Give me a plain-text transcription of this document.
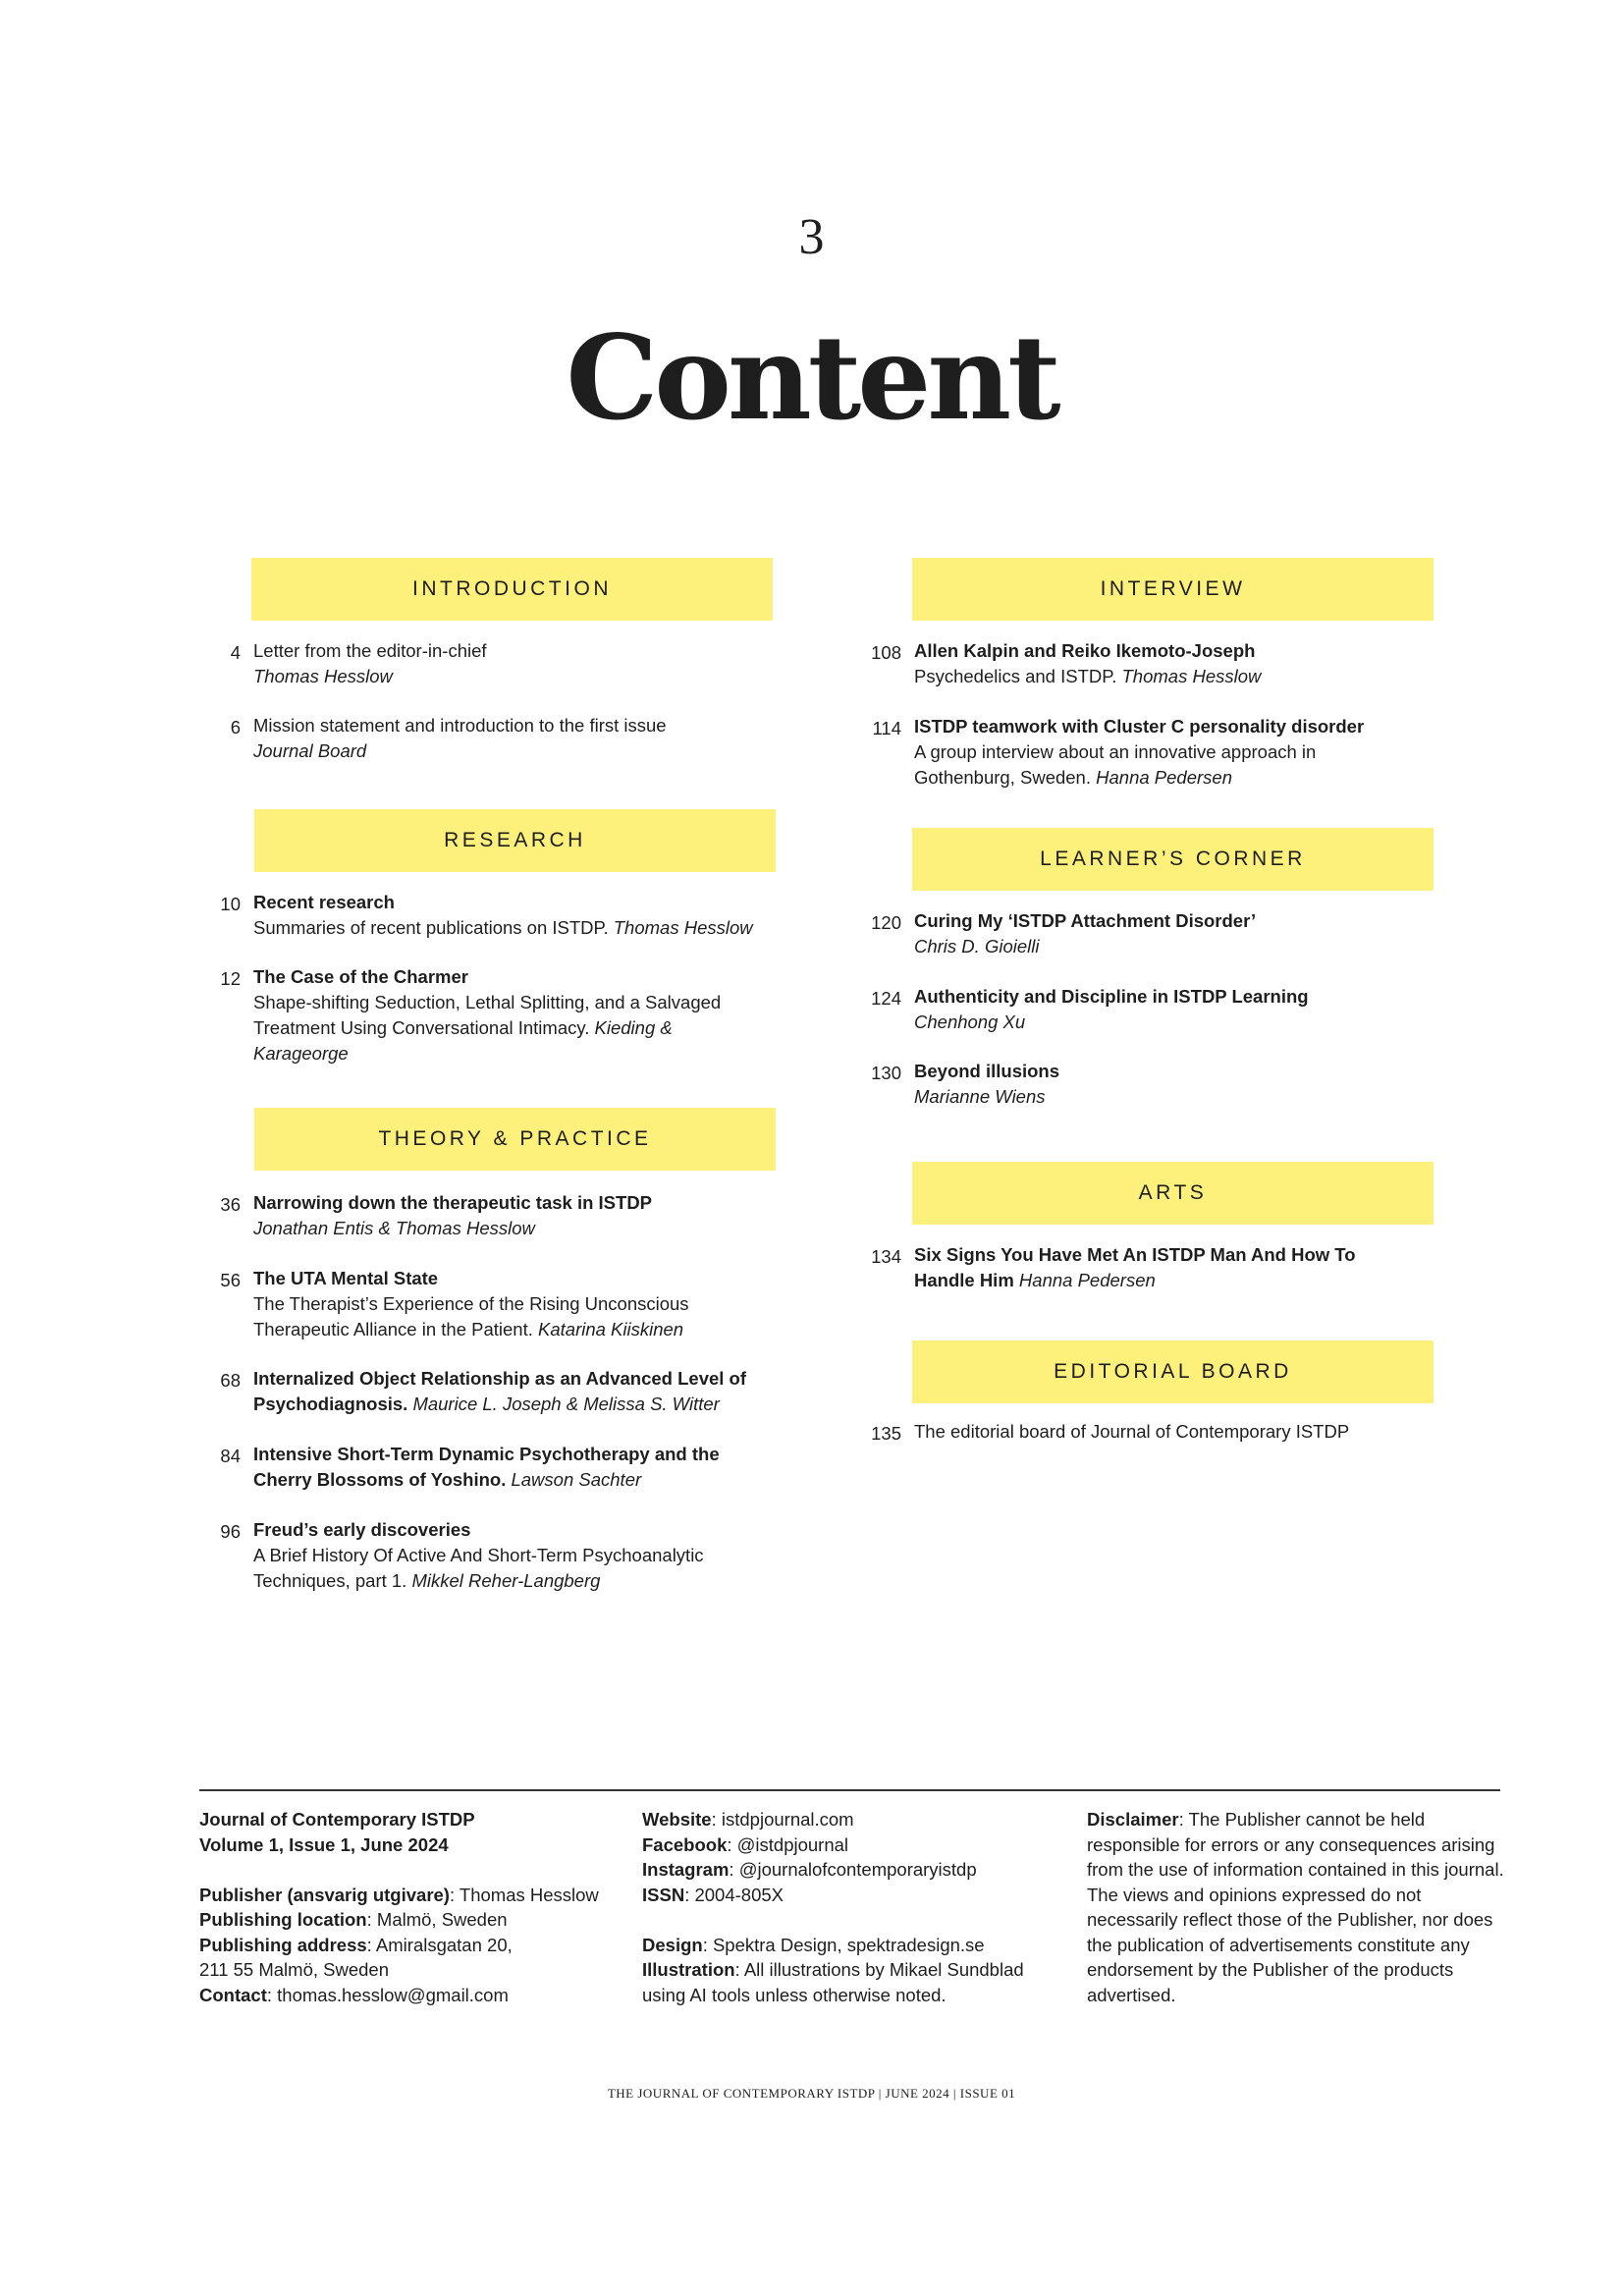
3
Content
INTRODUCTION
4 Letter from the editor-in-chief
Thomas Hesslow
6 Mission statement and introduction to the first issue
Journal Board
RESEARCH
10 Recent research
Summaries of recent publications on ISTDP. Thomas Hesslow
12 The Case of the Charmer
Shape-shifting Seduction, Lethal Splitting, and a Salvaged Treatment Using Conversational Intimacy. Kieding & Karageorge
THEORY & PRACTICE
36 Narrowing down the therapeutic task in ISTDP
Jonathan Entis & Thomas Hesslow
56 The UTA Mental State
The Therapist’s Experience of the Rising Unconscious Therapeutic Alliance in the Patient. Katarina Kiiskinen
68 Internalized Object Relationship as an Advanced Level of Psychodiagnosis. Maurice L. Joseph & Melissa S. Witter
84 Intensive Short-Term Dynamic Psychotherapy and the Cherry Blossoms of Yoshino. Lawson Sachter
96 Freud’s early discoveries
A Brief History Of Active And Short-Term Psychoanalytic Techniques, part 1. Mikkel Reher-Langberg
INTERVIEW
108 Allen Kalpin and Reiko Ikemoto-Joseph
Psychedelics and ISTDP. Thomas Hesslow
114 ISTDP teamwork with Cluster C personality disorder
A group interview about an innovative approach in Gothenburg, Sweden. Hanna Pedersen
LEARNER’S CORNER
120 Curing My ‘ISTDP Attachment Disorder’
Chris D. Gioielli
124 Authenticity and Discipline in ISTDP Learning
Chenhong Xu
130 Beyond illusions
Marianne Wiens
ARTS
134 Six Signs You Have Met An ISTDP Man And How To Handle Him Hanna Pedersen
EDITORIAL BOARD
135 The editorial board of Journal of Contemporary ISTDP
Journal of Contemporary ISTDP
Volume 1, Issue 1, June 2024
Publisher (ansvarig utgivare): Thomas Hesslow
Publishing location: Malmö, Sweden
Publishing address: Amiralsgatan 20,
211 55 Malmö, Sweden
Contact: thomas.hesslow@gmail.com
Website: istdpjournal.com
Facebook: @istdpjournal
Instagram: @journalofcontemporaryistdp
ISSN: 2004-805X
Design: Spektra Design, spektradesign.se
Illustration: All illustrations by Mikael Sundblad using AI tools unless otherwise noted.
Disclaimer: The Publisher cannot be held responsible for errors or any consequences arising from the use of information contained in this journal. The views and opinions expressed do not necessarily reflect those of the Publisher, nor does the publication of advertisements constitute any endorsement by the Publisher of the products advertised.
THE JOURNAL OF CONTEMPORARY ISTDP | JUNE 2024 | ISSUE 01
